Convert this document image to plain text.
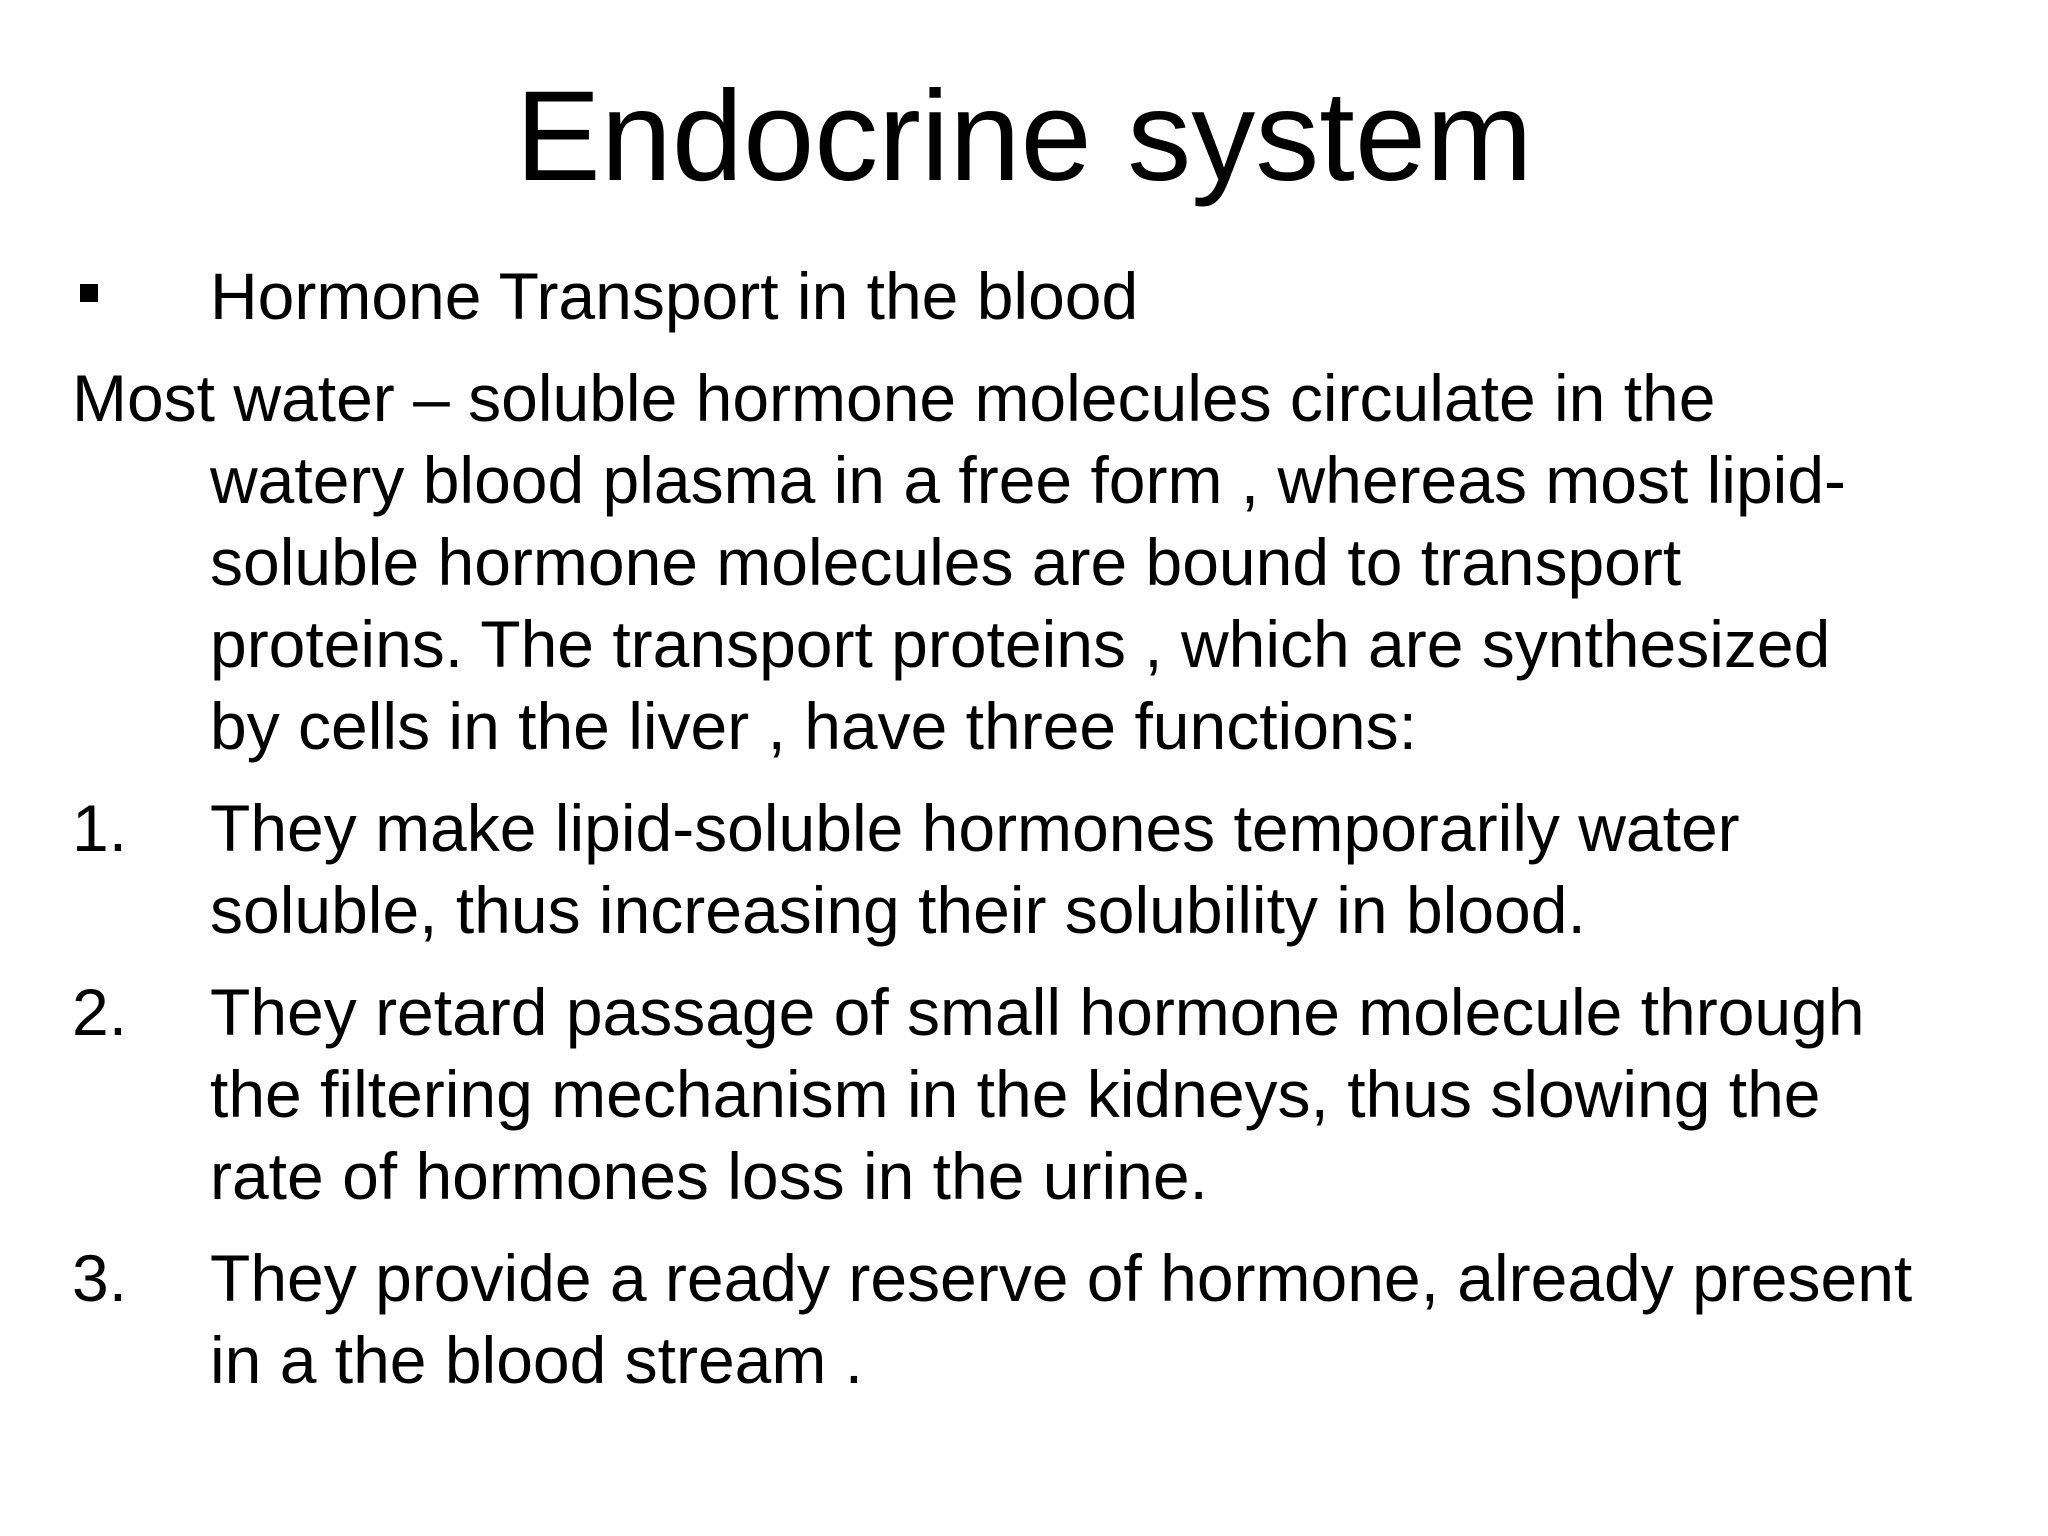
Endocrine system
Hormone Transport in the blood
Most water – soluble hormone molecules circulate in the
watery blood plasma in a free form , whereas most lipid-
soluble hormone molecules are bound to transport
proteins. The transport proteins , which are synthesized
by cells in the liver , have three functions:
1. They make lipid-soluble hormones temporarily water
soluble, thus increasing their solubility in blood.
2. They retard passage of small hormone molecule through
the filtering mechanism in the kidneys, thus slowing the
rate of hormones loss in the urine.
3. They provide a ready reserve of hormone, already present
in a the blood stream .
